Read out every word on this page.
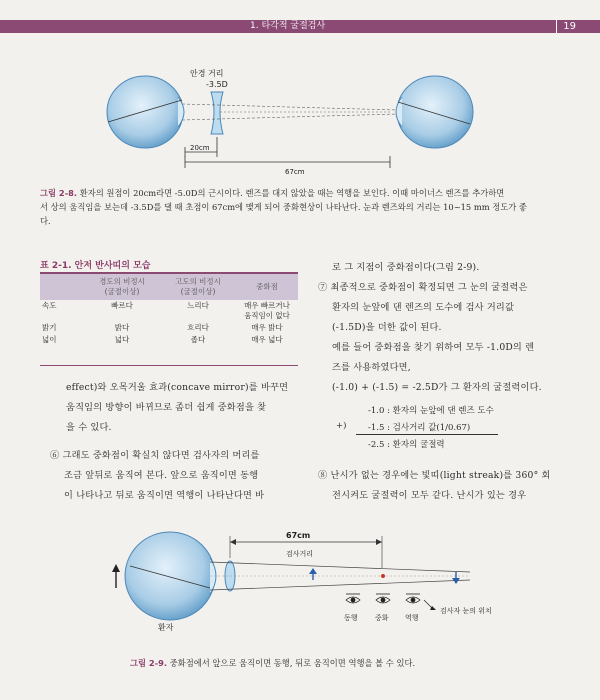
1. 타각적 굴절검사	19
안경 거리
-3.5D
20cm
67cm
그림 2-8. 환자의 원점이 20cm라면 -5.0D의 근시이다. 렌즈를 대지 않았을 때는 역행을 보인다. 이때 마이너스 렌즈를 추가하면
서 상의 움직임을 보는데 -3.5D를 댈 때 초점이 67cm에 맺게 되어 중화현상이 나타난다. 눈과 렌즈와의 거리는 10~15 mm 정도가 좋
다.
표 2-1. 안저 반사띠의 모습
	경도의 비정시
(굴절이상)	고도의 비정시
(굴절이상)	중화점
속도	빠르다	느리다	매우 빠르거나
움직임이 없다
밝기	밝다	흐리다	매우 밝다
넓이	넓다	좁다	매우 넓다
effect)와 오목거울 효과(concave mirror)를 바꾸면
움직임의 방향이 바뀌므로 좀더 쉽게 중화점을 찾
을 수 있다.
⑥ 그래도 중화점이 확실치 않다면 검사자의 머리를
조금 앞뒤로 움직여 본다. 앞으로 움직이면 동행
이 나타나고 뒤로 움직이면 역행이 나타난다면 바
로 그 지점이 중화점이다(그림 2-9).
⑦ 최종적으로 중화점이 확정되면 그 눈의 굴절력은
환자의 눈앞에 댄 렌즈의 도수에 검사 거리값
(-1.5D)을 더한 값이 된다.
예를 들어 중화점을 찾기 위하여 모두 -1.0D의 렌
즈를 사용하였다면,
(-1.0) + (-1.5) = -2.5D가 그 환자의 굴절력이다.
-1.0 : 환자의 눈앞에 댄 렌즈 도수
+)	-1.5 : 검사거리 값(1/0.67)
-2.5 : 환자의 굴절력
⑧ 난시가 없는 경우에는 빛띠(light streak)를 360° 회
전시켜도 굴절력이 모두 같다. 난시가 있는 경우
67cm
검사거리
동행 중화 역행
검사자 눈의 위치
환자
그림 2-9. 중화점에서 앞으로 움직이면 동행, 뒤로 움직이면 역행을 볼 수 있다.
